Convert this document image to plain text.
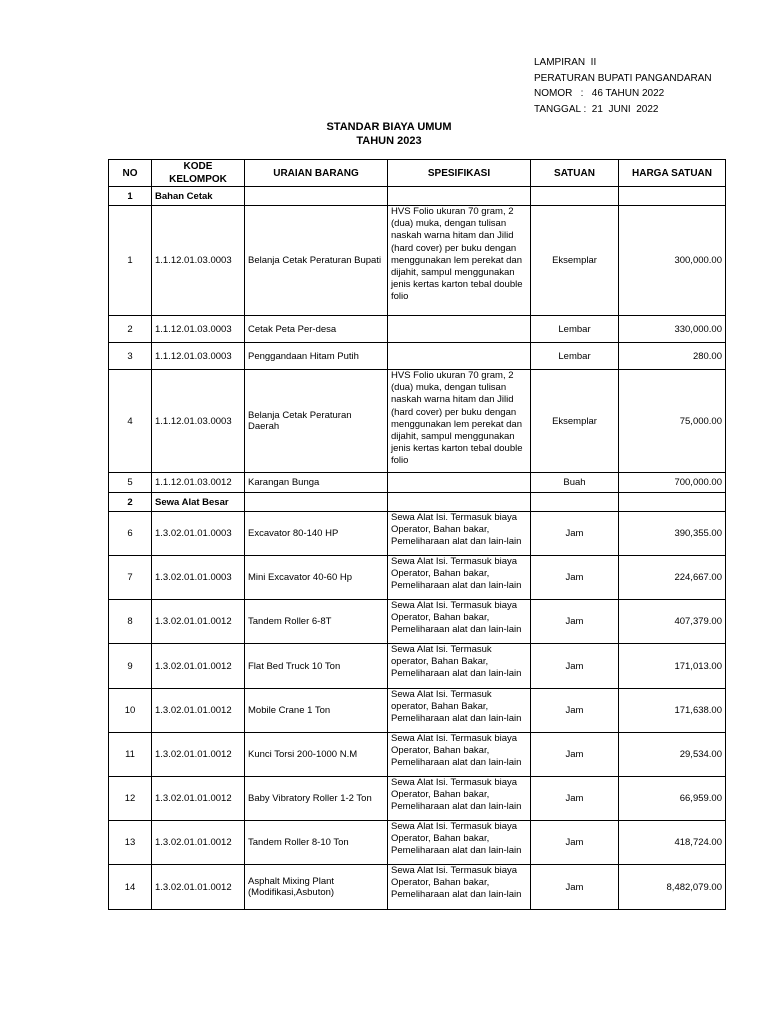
LAMPIRAN  II
PERATURAN BUPATI PANGANDARAN
NOMOR   :   46 TAHUN 2022
TANGGAL :  21  JUNI  2022
STANDAR BIAYA UMUM
TAHUN 2023
NO	KODE KELOMPOK	URAIAN BARANG	SPESIFIKASI	SATUAN	HARGA SATUAN
1	Bahan Cetak				
1	1.1.12.01.03.0003	Belanja Cetak Peraturan Bupati	HVS Folio ukuran 70 gram, 2 (dua) muka, dengan tulisan naskah warna hitam dan Jilid (hard cover) per buku dengan menggunakan lem perekat dan dijahit, sampul menggunakan jenis kertas karton tebal double folio	Eksemplar	300,000.00
2	1.1.12.01.03.0003	Cetak Peta Per-desa		Lembar	330,000.00
3	1.1.12.01.03.0003	Penggandaan Hitam Putih		Lembar	280.00
4	1.1.12.01.03.0003	Belanja Cetak Peraturan Daerah	HVS Folio ukuran 70 gram, 2 (dua) muka, dengan tulisan naskah warna hitam dan Jilid (hard cover) per buku dengan menggunakan lem perekat dan dijahit, sampul menggunakan jenis kertas karton tebal double folio	Eksemplar	75,000.00
5	1.1.12.01.03.0012	Karangan Bunga		Buah	700,000.00
2	Sewa Alat Besar				
6	1.3.02.01.01.0003	Excavator 80-140 HP	Sewa Alat Isi. Termasuk biaya Operator, Bahan bakar, Pemeliharaan alat dan lain-lain	Jam	390,355.00
7	1.3.02.01.01.0003	Mini Excavator 40-60 Hp	Sewa Alat Isi. Termasuk biaya Operator, Bahan bakar, Pemeliharaan alat dan lain-lain	Jam	224,667.00
8	1.3.02.01.01.0012	Tandem Roller 6-8T	Sewa Alat Isi. Termasuk biaya Operator, Bahan bakar, Pemeliharaan alat dan lain-lain	Jam	407,379.00
9	1.3.02.01.01.0012	Flat Bed Truck 10 Ton	Sewa Alat Isi. Termasuk operator, Bahan Bakar, Pemeliharaan alat dan lain-lain	Jam	171,013.00
10	1.3.02.01.01.0012	Mobile Crane 1 Ton	Sewa Alat Isi. Termasuk operator, Bahan Bakar, Pemeliharaan alat dan lain-lain	Jam	171,638.00
11	1.3.02.01.01.0012	Kunci Torsi 200-1000 N.M	Sewa Alat Isi. Termasuk biaya Operator, Bahan bakar, Pemeliharaan alat dan lain-lain	Jam	29,534.00
12	1.3.02.01.01.0012	Baby Vibratory Roller 1-2 Ton	Sewa Alat Isi. Termasuk biaya Operator, Bahan bakar, Pemeliharaan alat dan lain-lain	Jam	66,959.00
13	1.3.02.01.01.0012	Tandem Roller 8-10 Ton	Sewa Alat Isi. Termasuk biaya Operator, Bahan bakar, Pemeliharaan alat dan lain-lain	Jam	418,724.00
14	1.3.02.01.01.0012	Asphalt Mixing Plant (Modifikasi,Asbuton)	Sewa Alat Isi. Termasuk biaya Operator, Bahan bakar, Pemeliharaan alat dan lain-lain	Jam	8,482,079.00
